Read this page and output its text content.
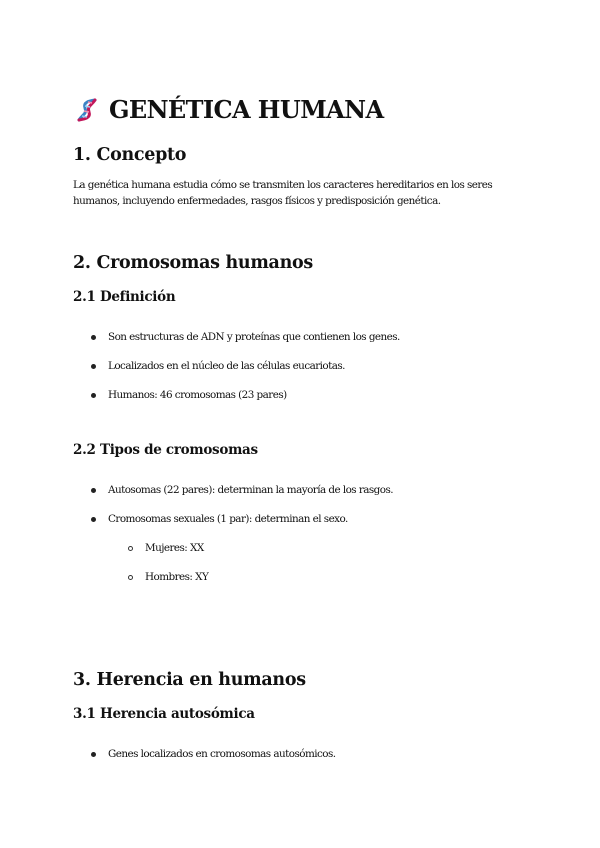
GENÉTICA HUMANA
1. Concepto

La genética humana estudia cómo se transmiten los caracteres hereditarios en los seres
humanos, incluyendo enfermedades, rasgos físicos y predisposición genética.

2. Cromosomas humanos
2.1 Definición

Son estructuras de ADN y proteínas que contienen los genes.

Localizados en el núcleo de las células eucariotas.

Humanos: 46 cromosomas (23 pares)

2.2 Tipos de cromosomas

Autosomas (22 pares): determinan la mayoría de los rasgos.

Cromosomas sexuales (1 par): determinan el sexo.

Mujeres: XX

Hombres: XY

3. Herencia en humanos
3.1 Herencia autosómica

Genes localizados en cromosomas autosómicos.
